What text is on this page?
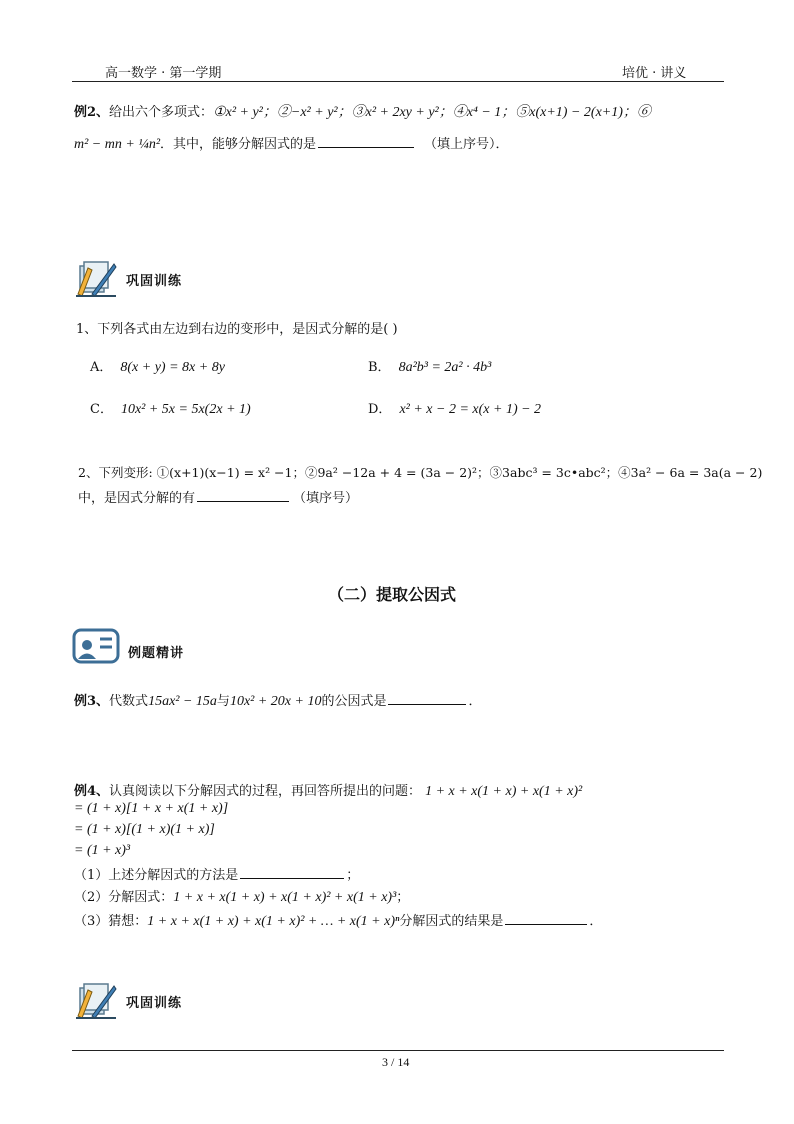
高一数学 · 第一学期	培优 · 讲义
例2、给出六个多项式：①x² + y²；②−x² + y²；③x² + 2xy + y²；④x⁴ − 1；⑤x(x+1) − 2(x+1)；⑥
m² − mn + ¼n²．其中，能够分解因式的是	（填上序号）．
巩固训练
1、下列各式由左边到右边的变形中，是因式分解的是( )
A． 8(x + y) = 8x + 8y	B． 8a²b³ = 2a² · 4b³
C． 10x² + 5x = 5x(2x + 1)	D． x² + x − 2 = x(x + 1) − 2
2、下列变形: ①(x+1)(x−1) = x² −1；②9a² −12a + 4 = (3a − 2)²；③3abc³ = 3c•abc²；④3a² − 6a = 3a(a − 2)
中，是因式分解的有	（填序号）
（二）提取公因式
例题精讲
例3、代数式15ax² − 15a与10x² + 20x + 10的公因式是	．
例4、认真阅读以下分解因式的过程，再回答所提出的问题： 1 + x + x(1 + x) + x(1 + x)²
= (1 + x)[1 + x + x(1 + x)]
= (1 + x)[(1 + x)(1 + x)]
= (1 + x)³
（1）上述分解因式的方法是	；
（2）分解因式：1 + x + x(1 + x) + x(1 + x)² + x(1 + x)³；
（3）猜想：1 + x + x(1 + x) + x(1 + x)² + … + x(1 + x)ⁿ分解因式的结果是	．
巩固训练
3 / 14
